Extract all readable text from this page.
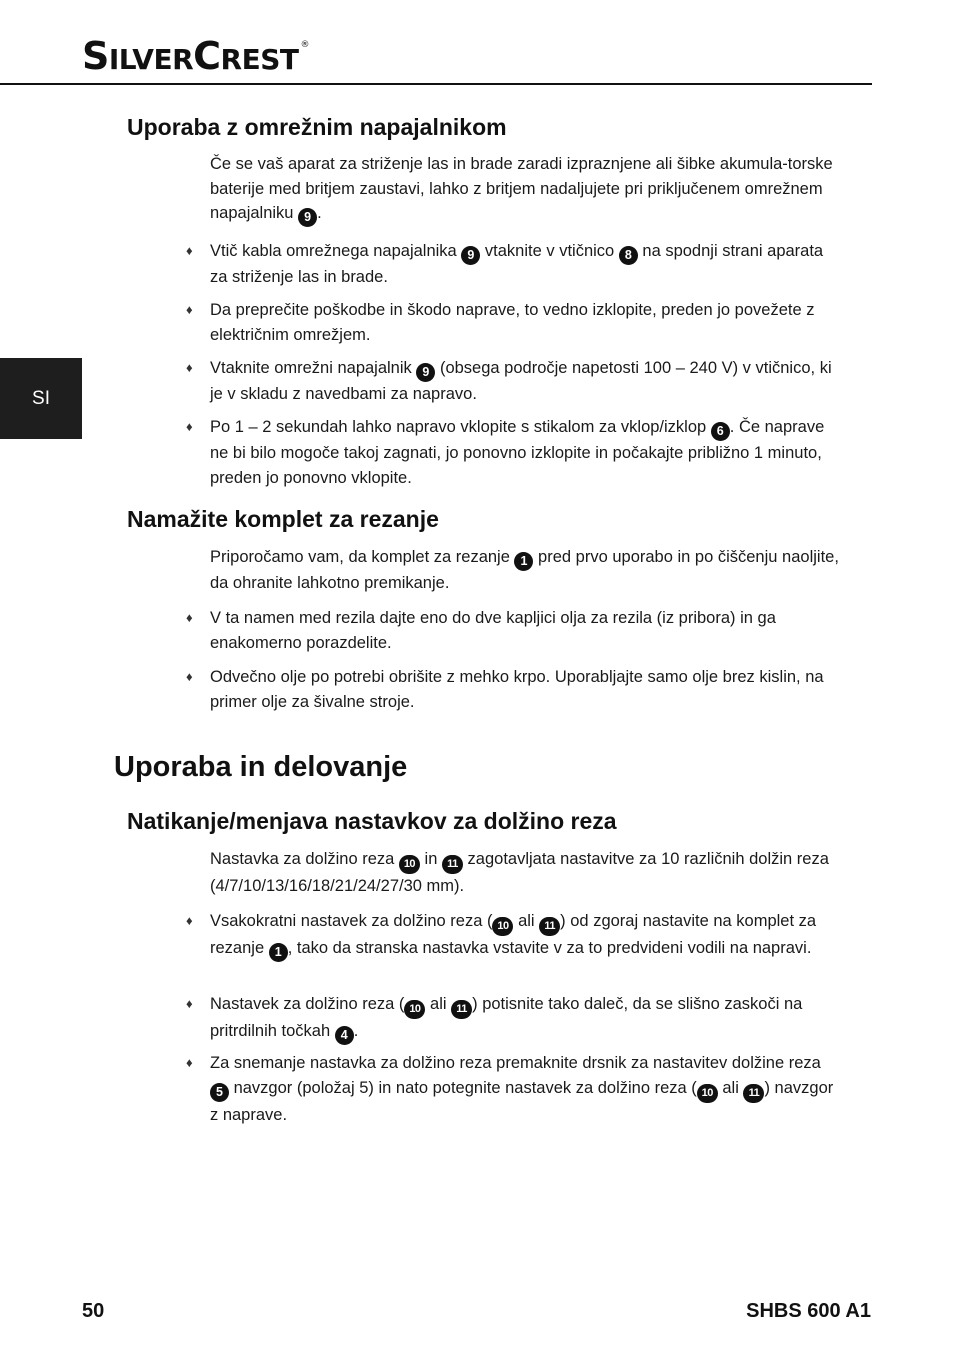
SILVERCREST ®
SI
Uporaba z omrežnim napajalnikom

Če se vaš aparat za striženje las in brade zaradi izpraznjene ali šibke akumula-torske baterije med britjem zaustavi, lahko z britjem nadaljujete pri priključenem omrežnem napajalniku 9 .

♦	Vtič kabla omrežnega napajalnika 9 vtaknite v vtičnico 8 na spodnji strani aparata za striženje las in brade.
♦	Da preprečite poškodbe in škodo naprave, to vedno izklopite, preden jo povežete z električnim omrežjem.
♦	Vtaknite omrežni napajalnik 9 (obsega področje napetosti 100 – 240 V) v vtičnico, ki je v skladu z navedbami za napravo.
♦	Po 1 – 2 sekundah lahko napravo vklopite s stikalom za vklop/izklop 6 . Če naprave ne bi bilo mogoče takoj zagnati, jo ponovno izklopite in počakajte približno 1 minuto, preden jo ponovno vklopite.
Namažite komplet za rezanje

Priporočamo vam, da komplet za rezanje 1 pred prvo uporabo in po čiščenju naoljite, da ohranite lahkotno premikanje.

♦	V ta namen med rezila dajte eno do dve kapljici olja za rezila (iz pribora) in ga enakomerno porazdelite.
♦	Odvečno olje po potrebi obrišite z mehko krpo. Uporabljajte samo olje brez kislin, na primer olje za šivalne stroje.
Uporaba in delovanje
Natikanje/menjava nastavkov za dolžino reza

Nastavka za dolžino reza 10 in 11 zagotavljata nastavitve za 10 različnih dolžin reza (4/7/10/13/16/18/21/24/27/30 mm).

♦	Vsakokratni nastavek za dolžino reza ( 10 ali 11 ) od zgoraj nastavite na komplet za rezanje 1 , tako da stranska nastavka vstavite v za to predvideni vodili na napravi.
♦	Nastavek za dolžino reza ( 10 ali 11 ) potisnite tako daleč, da se slišno zaskoči na pritrdilnih točkah 4 .
♦	Za snemanje nastavka za dolžino reza premaknite drsnik za nastavitev dolžine reza 5 navzgor (položaj 5) in nato potegnite nastavek za dolžino reza ( 10 ali 11 ) navzgor z naprave.
50	SHBS 600 A1
